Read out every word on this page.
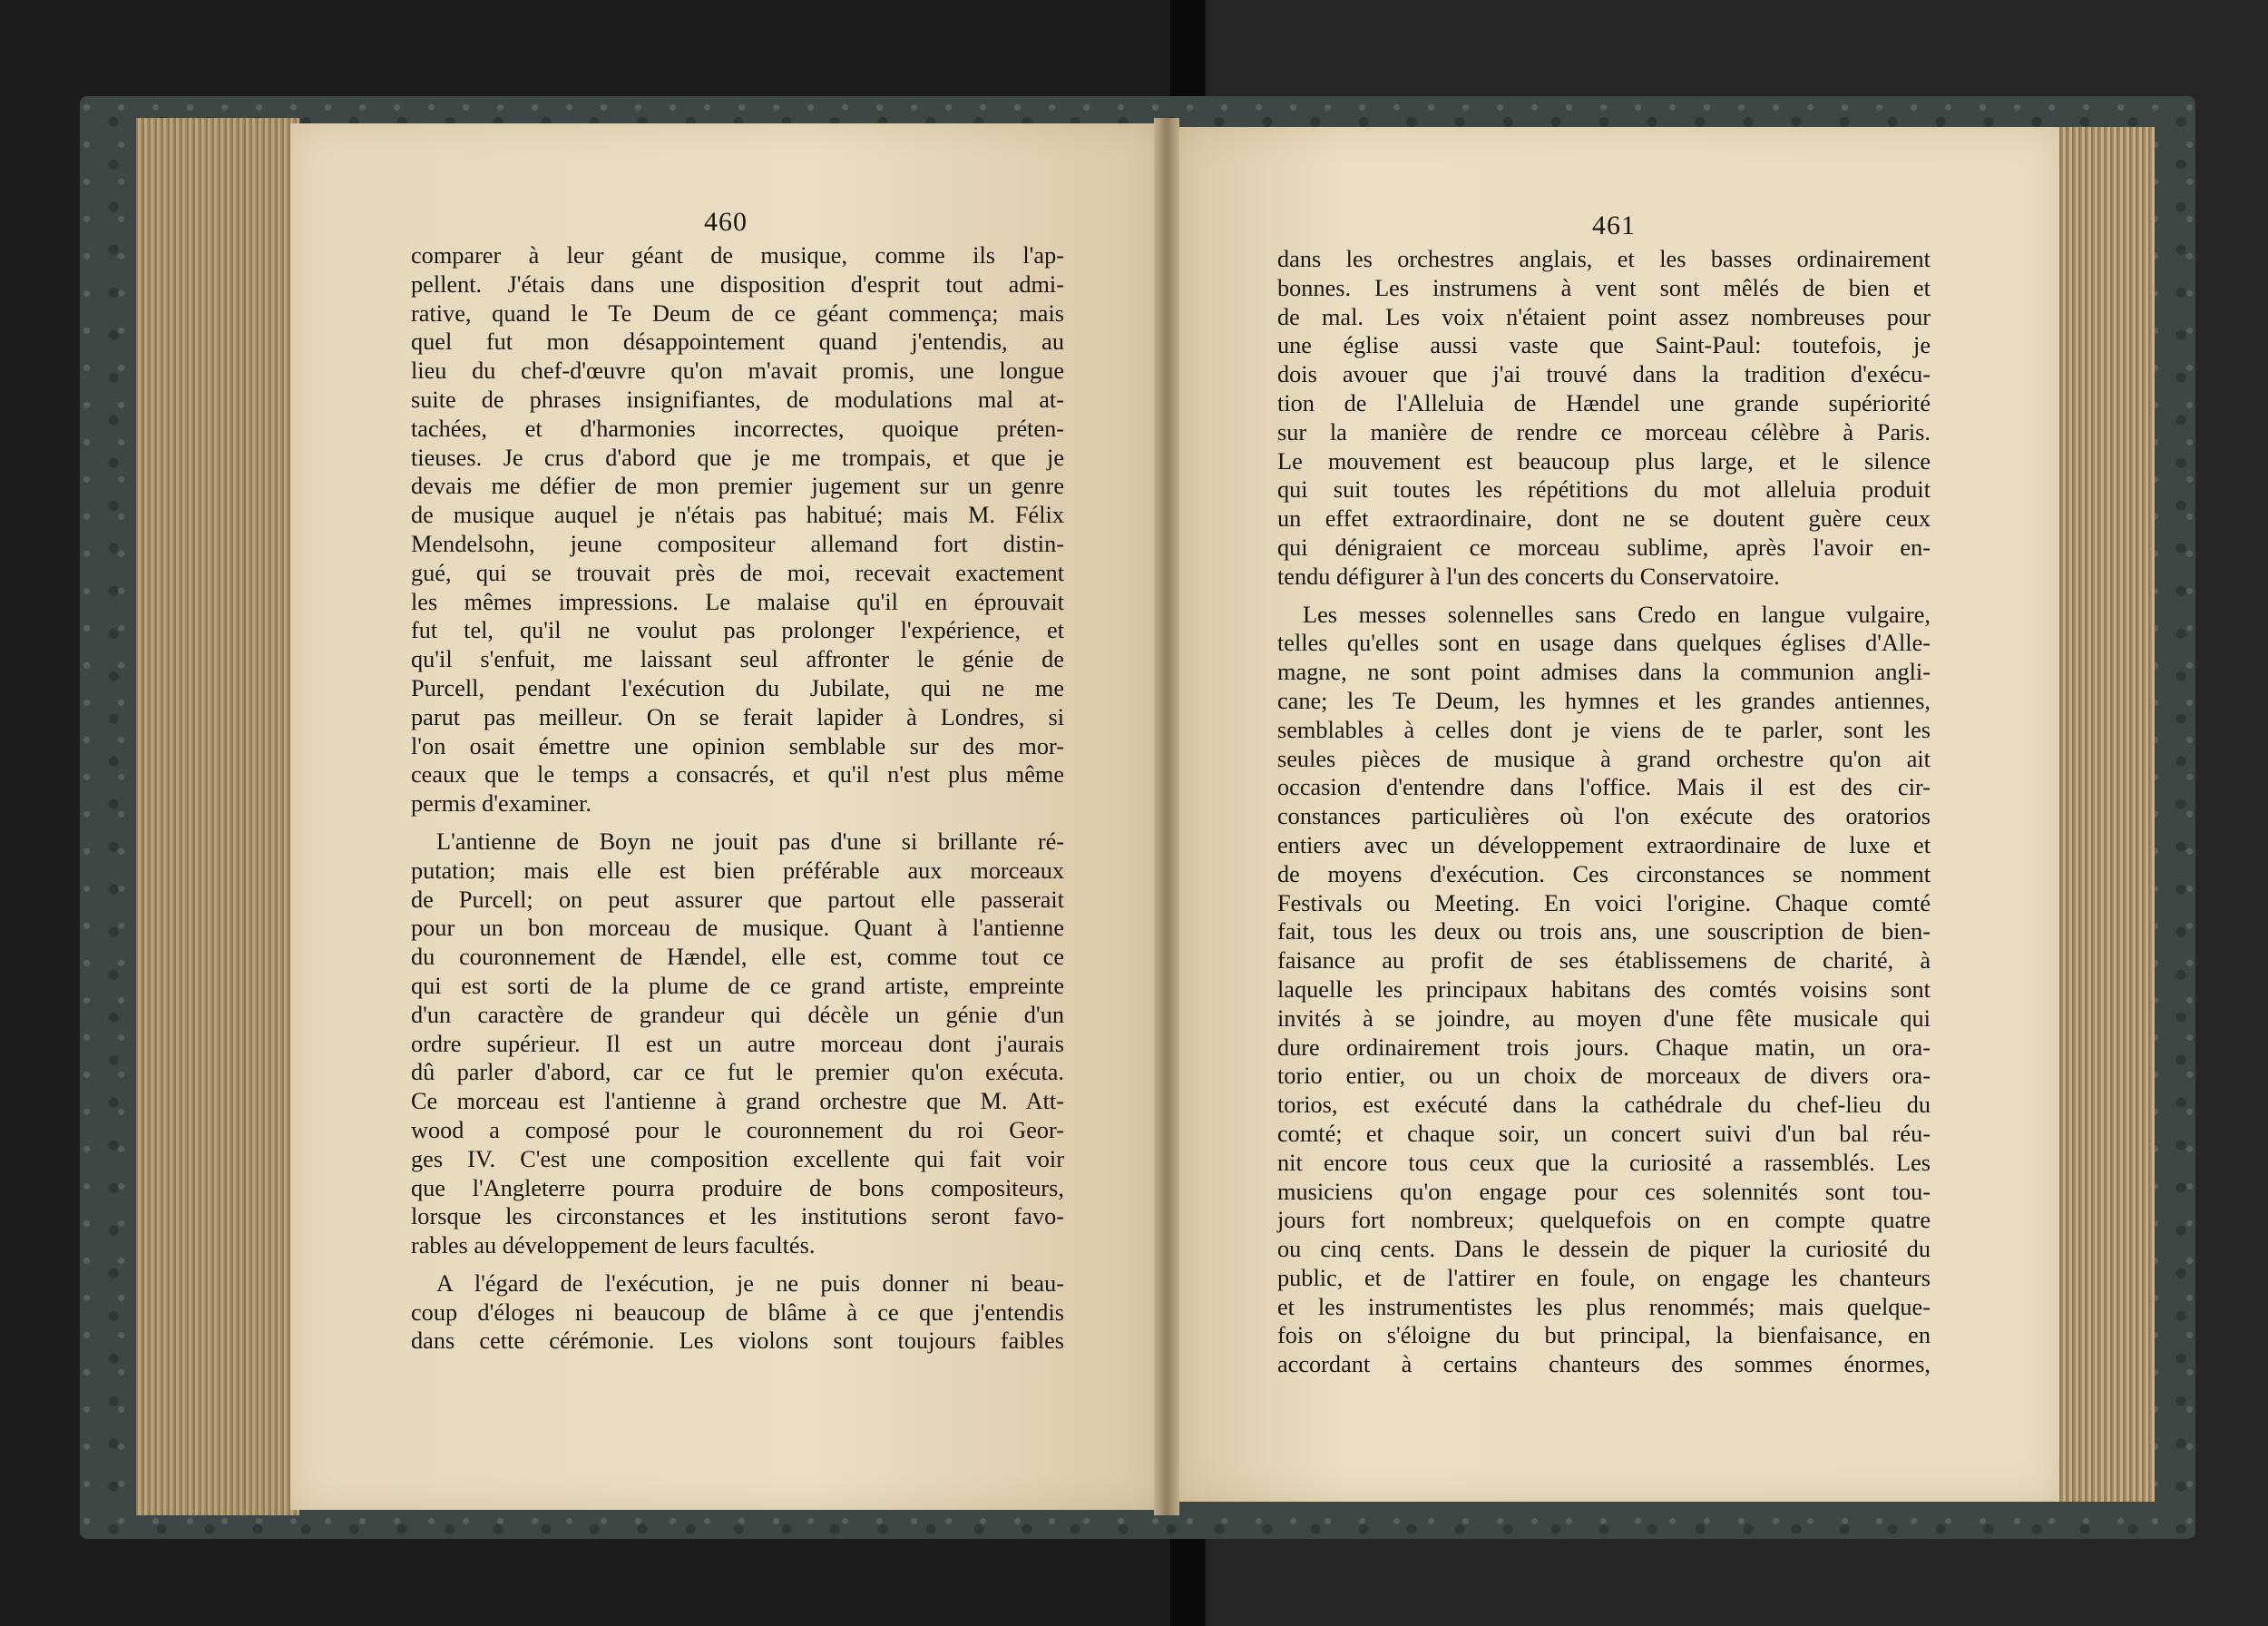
460
comparer à leur géant de musique, comme ils l'ap-
pellent. J'étais dans une disposition d'esprit tout admi-
rative, quand le Te Deum de ce géant commença; mais
quel fut mon désappointement quand j'entendis, au
lieu du chef-d'œuvre qu'on m'avait promis, une longue
suite de phrases insignifiantes, de modulations mal at-
tachées, et d'harmonies incorrectes, quoique préten-
tieuses. Je crus d'abord que je me trompais, et que je
devais me défier de mon premier jugement sur un genre
de musique auquel je n'étais pas habitué; mais M. Félix
Mendelsohn, jeune compositeur allemand fort distin-
gué, qui se trouvait près de moi, recevait exactement
les mêmes impressions. Le malaise qu'il en éprouvait
fut tel, qu'il ne voulut pas prolonger l'expérience, et
qu'il s'enfuit, me laissant seul affronter le génie de
Purcell, pendant l'exécution du Jubilate, qui ne me
parut pas meilleur. On se ferait lapider à Londres, si
l'on osait émettre une opinion semblable sur des mor-
ceaux que le temps a consacrés, et qu'il n'est plus même
permis d'examiner.
L'antienne de Boyn ne jouit pas d'une si brillante ré-
putation; mais elle est bien préférable aux morceaux
de Purcell; on peut assurer que partout elle passerait
pour un bon morceau de musique. Quant à l'antienne
du couronnement de Hændel, elle est, comme tout ce
qui est sorti de la plume de ce grand artiste, empreinte
d'un caractère de grandeur qui décèle un génie d'un
ordre supérieur. Il est un autre morceau dont j'aurais
dû parler d'abord, car ce fut le premier qu'on exécuta.
Ce morceau est l'antienne à grand orchestre que M. Att-
wood a composé pour le couronnement du roi Geor-
ges IV. C'est une composition excellente qui fait voir
que l'Angleterre pourra produire de bons compositeurs,
lorsque les circonstances et les institutions seront favo-
rables au développement de leurs facultés.
A l'égard de l'exécution, je ne puis donner ni beau-
coup d'éloges ni beaucoup de blâme à ce que j'entendis
dans cette cérémonie. Les violons sont toujours faibles
461
dans les orchestres anglais, et les basses ordinairement
bonnes. Les instrumens à vent sont mêlés de bien et
de mal. Les voix n'étaient point assez nombreuses pour
une église aussi vaste que Saint-Paul: toutefois, je
dois avouer que j'ai trouvé dans la tradition d'exécu-
tion de l'Alleluia de Hændel une grande supériorité
sur la manière de rendre ce morceau célèbre à Paris.
Le mouvement est beaucoup plus large, et le silence
qui suit toutes les répétitions du mot alleluia produit
un effet extraordinaire, dont ne se doutent guère ceux
qui dénigraient ce morceau sublime, après l'avoir en-
tendu défigurer à l'un des concerts du Conservatoire.
Les messes solennelles sans Credo en langue vulgaire,
telles qu'elles sont en usage dans quelques églises d'Alle-
magne, ne sont point admises dans la communion angli-
cane; les Te Deum, les hymnes et les grandes antiennes,
semblables à celles dont je viens de te parler, sont les
seules pièces de musique à grand orchestre qu'on ait
occasion d'entendre dans l'office. Mais il est des cir-
constances particulières où l'on exécute des oratorios
entiers avec un développement extraordinaire de luxe et
de moyens d'exécution. Ces circonstances se nomment
Festivals ou Meeting. En voici l'origine. Chaque comté
fait, tous les deux ou trois ans, une souscription de bien-
faisance au profit de ses établissemens de charité, à
laquelle les principaux habitans des comtés voisins sont
invités à se joindre, au moyen d'une fête musicale qui
dure ordinairement trois jours. Chaque matin, un ora-
torio entier, ou un choix de morceaux de divers ora-
torios, est exécuté dans la cathédrale du chef-lieu du
comté; et chaque soir, un concert suivi d'un bal réu-
nit encore tous ceux que la curiosité a rassemblés. Les
musiciens qu'on engage pour ces solennités sont tou-
jours fort nombreux; quelquefois on en compte quatre
ou cinq cents. Dans le dessein de piquer la curiosité du
public, et de l'attirer en foule, on engage les chanteurs
et les instrumentistes les plus renommés; mais quelque-
fois on s'éloigne du but principal, la bienfaisance, en
accordant à certains chanteurs des sommes énormes,
